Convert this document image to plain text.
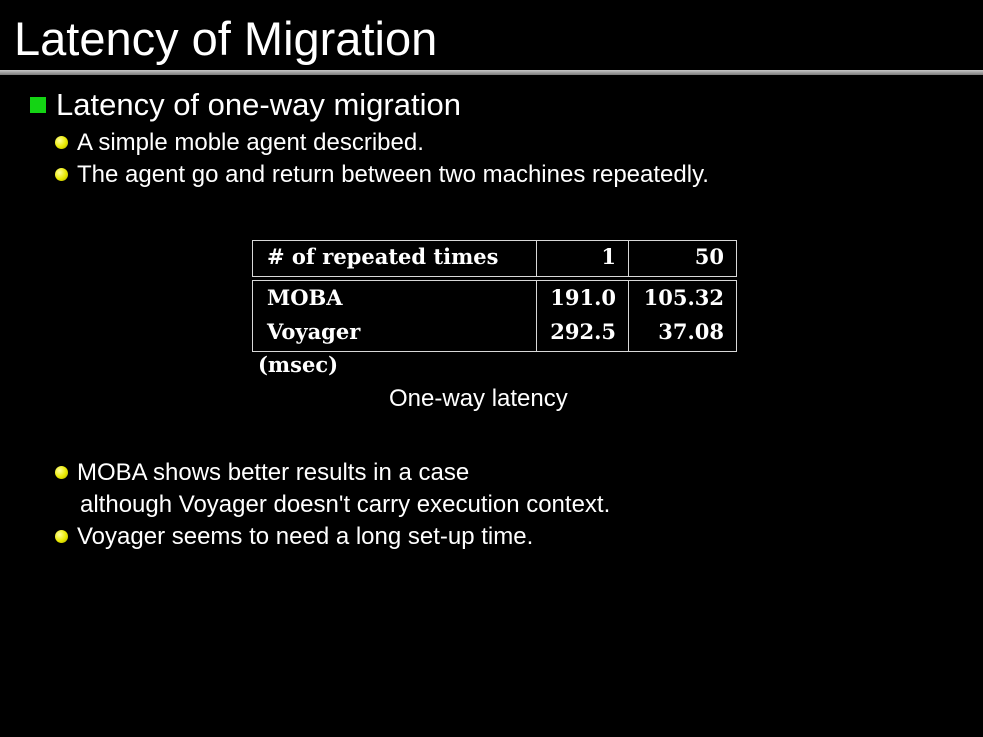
Latency of Migration
Latency of one-way migration
A simple moble agent described.
The agent go and return between two machines repeatedly.
# of repeated times	1	50
MOBA	191.0	105.32
Voyager	292.5	37.08
(msec)
One-way latency
MOBA shows better results in a case
although Voyager doesn't carry execution context.
Voyager seems to need a long set-up time.
